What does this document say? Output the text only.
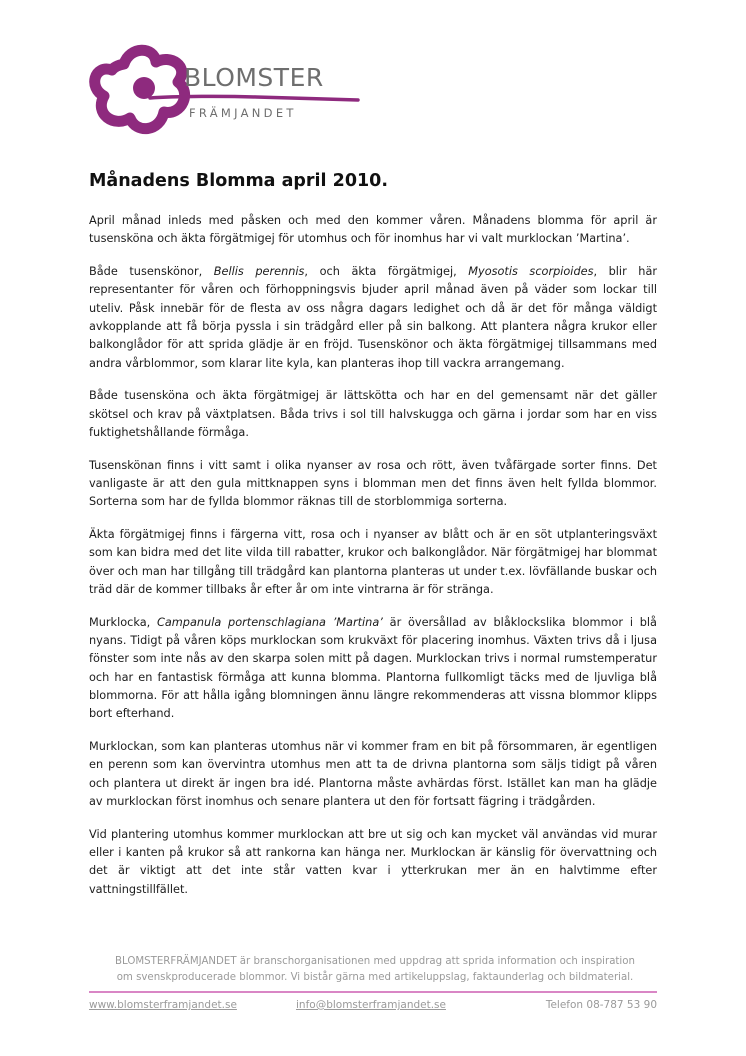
BLOMSTER
FRÄMJANDET
Månadens Blomma april 2010.

April månad inleds med påsken och med den kommer våren. Månadens blomma för april är tusensköna och äkta förgätmigej för utomhus och för inomhus har vi valt murklockan ’Martina’.

Både tusenskönor, Bellis perennis, och äkta förgätmigej, Myosotis scorpioides, blir här representanter för våren och förhoppningsvis bjuder april månad även på väder som lockar till uteliv. Påsk innebär för de flesta av oss några dagars ledighet och då är det för många väldigt avkopplande att få börja pyssla i sin trädgård eller på sin balkong. Att plantera några krukor eller balkonglådor för att sprida glädje är en fröjd. Tusenskönor och äkta förgätmigej tillsammans med andra vårblommor, som klarar lite kyla, kan planteras ihop till vackra arrangemang.

Både tusensköna och äkta förgätmigej är lättskötta och har en del gemensamt när det gäller skötsel och krav på växtplatsen. Båda trivs i sol till halvskugga och gärna i jordar som har en viss fuktighetshållande förmåga.

Tusenskönan finns i vitt samt i olika nyanser av rosa och rött, även tvåfärgade sorter finns. Det vanligaste är att den gula mittknappen syns i blomman men det finns även helt fyllda blommor. Sorterna som har de fyllda blommor räknas till de storblommiga sorterna.

Äkta förgätmigej finns i färgerna vitt, rosa och i nyanser av blått och är en söt utplanteringsväxt som kan bidra med det lite vilda till rabatter, krukor och balkonglådor. När förgätmigej har blommat över och man har tillgång till trädgård kan plantorna planteras ut under t.ex. lövfällande buskar och träd där de kommer tillbaks år efter år om inte vintrarna är för stränga.

Murklocka, Campanula portenschlagiana ’Martina’ är översållad av blåklockslika blommor i blå nyans. Tidigt på våren köps murklockan som krukväxt för placering inomhus. Växten trivs då i ljusa fönster som inte nås av den skarpa solen mitt på dagen. Murklockan trivs i normal rumstemperatur och har en fantastisk förmåga att kunna blomma. Plantorna fullkomligt täcks med de ljuvliga blå blommorna. För att hålla igång blomningen ännu längre rekommenderas att vissna blommor klipps bort efterhand.

Murklockan, som kan planteras utomhus när vi kommer fram en bit på försommaren, är egentligen en perenn som kan övervintra utomhus men att ta de drivna plantorna som säljs tidigt på våren och plantera ut direkt är ingen bra idé. Plantorna måste avhärdas först. Istället kan man ha glädje av murklockan först inomhus och senare plantera ut den för fortsatt fägring i trädgården.

Vid plantering utomhus kommer murklockan att bre ut sig och kan mycket väl användas vid murar eller i kanten på krukor så att rankorna kan hänga ner. Murklockan är känslig för övervattning och det är viktigt att det inte står vatten kvar i ytterkrukan mer än en halvtimme efter vattningstillfället.

BLOMSTERFRÄMJANDET är branschorganisationen med uppdrag att sprida information och inspiration
om svenskproducerade blommor. Vi bistår gärna med artikeluppslag, faktaunderlag och bildmaterial.
www.blomsterframjandet.se	info@blomsterframjandet.se	Telefon 08-787 53 90
